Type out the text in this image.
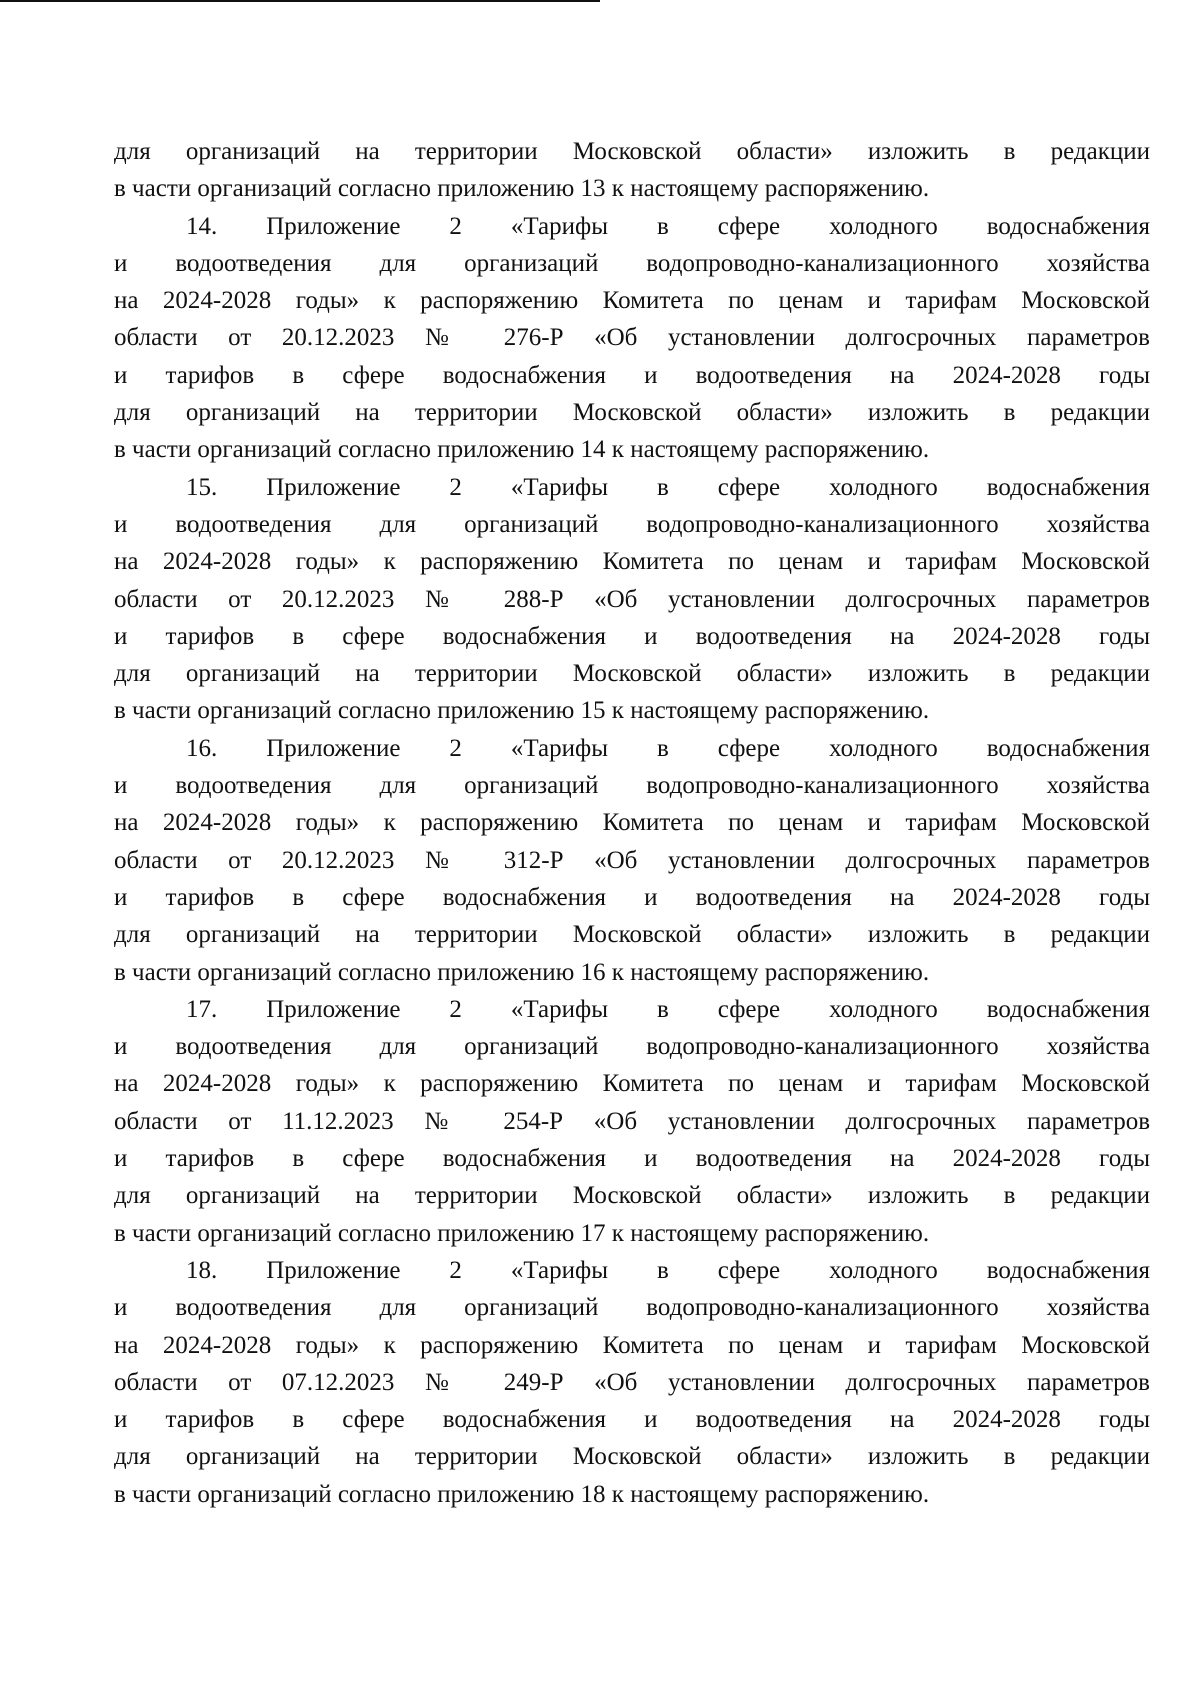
для организаций на территории Московской области» изложить в редакции
в части организаций согласно приложению 13 к настоящему распоряжению.
14. Приложение 2 «Тарифы в сфере холодного водоснабжения
и водоотведения для организаций водопроводно-канализационного хозяйства
на 2024-2028 годы» к распоряжению Комитета по ценам и тарифам Московской
области от 20.12.2023 № 276-Р «Об установлении долгосрочных параметров
и тарифов в сфере водоснабжения и водоотведения на 2024-2028 годы
для организаций на территории Московской области» изложить в редакции
в части организаций согласно приложению 14 к настоящему распоряжению.
15. Приложение 2 «Тарифы в сфере холодного водоснабжения
и водоотведения для организаций водопроводно-канализационного хозяйства
на 2024-2028 годы» к распоряжению Комитета по ценам и тарифам Московской
области от 20.12.2023 № 288-Р «Об установлении долгосрочных параметров
и тарифов в сфере водоснабжения и водоотведения на 2024-2028 годы
для организаций на территории Московской области» изложить в редакции
в части организаций согласно приложению 15 к настоящему распоряжению.
16. Приложение 2 «Тарифы в сфере холодного водоснабжения
и водоотведения для организаций водопроводно-канализационного хозяйства
на 2024-2028 годы» к распоряжению Комитета по ценам и тарифам Московской
области от 20.12.2023 № 312-Р «Об установлении долгосрочных параметров
и тарифов в сфере водоснабжения и водоотведения на 2024-2028 годы
для организаций на территории Московской области» изложить в редакции
в части организаций согласно приложению 16 к настоящему распоряжению.
17. Приложение 2 «Тарифы в сфере холодного водоснабжения
и водоотведения для организаций водопроводно-канализационного хозяйства
на 2024-2028 годы» к распоряжению Комитета по ценам и тарифам Московской
области от 11.12.2023 № 254-Р «Об установлении долгосрочных параметров
и тарифов в сфере водоснабжения и водоотведения на 2024-2028 годы
для организаций на территории Московской области» изложить в редакции
в части организаций согласно приложению 17 к настоящему распоряжению.
18. Приложение 2 «Тарифы в сфере холодного водоснабжения
и водоотведения для организаций водопроводно-канализационного хозяйства
на 2024-2028 годы» к распоряжению Комитета по ценам и тарифам Московской
области от 07.12.2023 № 249-Р «Об установлении долгосрочных параметров
и тарифов в сфере водоснабжения и водоотведения на 2024-2028 годы
для организаций на территории Московской области» изложить в редакции
в части организаций согласно приложению 18 к настоящему распоряжению.
